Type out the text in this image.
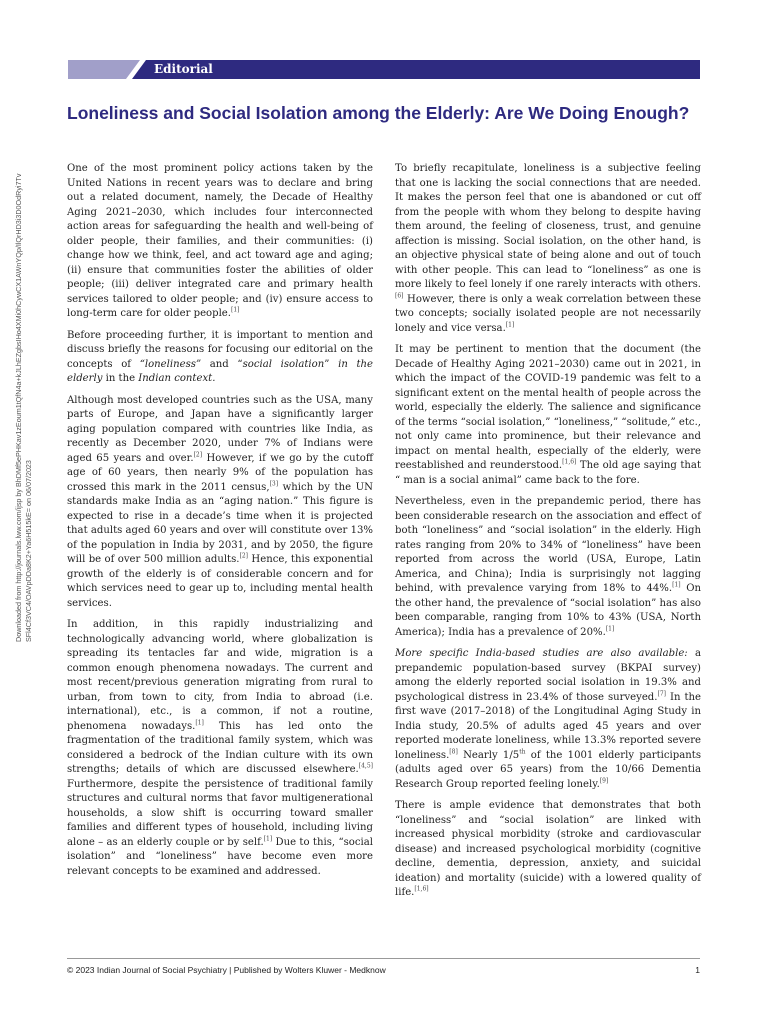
Editorial
Loneliness and Social Isolation among the Elderly: Are We Doing Enough?
Downloaded from http://journals.lww.com/ijsp by BhDMf5ePHKav1zEoum1tQfN4a+kJLhEZgbsIHo4XMi0hCywCX1AWnYQp/IlQrHD3i3D0OdRyi7TvSFl4Cf3VC4/OAVpDDa8K2+Ya6H515kE= on 06/07/2023

One of the most prominent policy actions taken by the United Nations in recent years was to declare and bring out a related document, namely, the Decade of Healthy Aging 2021–2030, which includes four interconnected action areas for safeguarding the health and well-being of older people, their families, and their communities: (i) change how we think, feel, and act toward age and aging; (ii) ensure that communities foster the abilities of older people; (iii) deliver integrated care and primary health services tailored to older people; and (iv) ensure access to long-term care for older people.[1]

Before proceeding further, it is important to mention and discuss briefly the reasons for focusing our editorial on the concepts of “loneliness” and “social isolation” in the elderly in the Indian context.

Although most developed countries such as the USA, many parts of Europe, and Japan have a significantly larger aging population compared with countries like India, as recently as December 2020, under 7% of Indians were aged 65 years and over.[2] However, if we go by the cutoff age of 60 years, then nearly 9% of the population has crossed this mark in the 2011 census,[3] which by the UN standards make India as an “aging nation.” This figure is expected to rise in a decade’s time when it is projected that adults aged 60 years and over will constitute over 13% of the population in India by 2031, and by 2050, the figure will be of over 500 million adults.[2] Hence, this exponential growth of the elderly is of considerable concern and for which services need to gear up to, including mental health services.

In addition, in this rapidly industrializing and technologically advancing world, where globalization is spreading its tentacles far and wide, migration is a common enough phenomena nowadays. The current and most recent/previous generation migrating from rural to urban, from town to city, from India to abroad (i.e. international), etc., is a common, if not a routine, phenomena nowadays.[1] This has led onto the fragmentation of the traditional family system, which was considered a bedrock of the Indian culture with its own strengths; details of which are discussed elsewhere.[4,5] Furthermore, despite the persistence of traditional family structures and cultural norms that favor multigenerational households, a slow shift is occurring toward smaller families and different types of household, including living alone – as an elderly couple or by self.[1] Due to this, “social isolation” and “loneliness” have become even more relevant concepts to be examined and addressed.

To briefly recapitulate, loneliness is a subjective feeling that one is lacking the social connections that are needed. It makes the person feel that one is abandoned or cut off from the people with whom they belong to despite having them around, the feeling of closeness, trust, and genuine affection is missing. Social isolation, on the other hand, is an objective physical state of being alone and out of touch with other people. This can lead to “loneliness” as one is more likely to feel lonely if one rarely interacts with others.[6] However, there is only a weak correlation between these two concepts; socially isolated people are not necessarily lonely and vice versa.[1]

It may be pertinent to mention that the document (the Decade of Healthy Aging 2021–2030) came out in 2021, in which the impact of the COVID-19 pandemic was felt to a significant extent on the mental health of people across the world, especially the elderly. The salience and significance of the terms “social isolation,” “loneliness,” “solitude,” etc., not only came into prominence, but their relevance and impact on mental health, especially of the elderly, were reestablished and reunderstood.[1,6] The old age saying that “ man is a social animal” came back to the fore.

Nevertheless, even in the prepandemic period, there has been considerable research on the association and effect of both “loneliness” and “social isolation” in the elderly. High rates ranging from 20% to 34% of “loneliness” have been reported from across the world (USA, Europe, Latin America, and China); India is surprisingly not lagging behind, with prevalence varying from 18% to 44%.[1] On the other hand, the prevalence of “social isolation” has also been comparable, ranging from 10% to 43% (USA, North America); India has a prevalence of 20%.[1]

More specific India-based studies are also available: a prepandemic population-based survey (BKPAI survey) among the elderly reported social isolation in 19.3% and psychological distress in 23.4% of those surveyed.[7] In the first wave (2017–2018) of the Longitudinal Aging Study in India study, 20.5% of adults aged 45 years and over reported moderate loneliness, while 13.3% reported severe loneliness.[8] Nearly 1/5th of the 1001 elderly participants (adults aged over 65 years) from the 10/66 Dementia Research Group reported feeling lonely.[9]

There is ample evidence that demonstrates that both “loneliness” and “social isolation” are linked with increased physical morbidity (stroke and cardiovascular disease) and increased psychological morbidity (cognitive decline, dementia, depression, anxiety, and suicidal ideation) and mortality (suicide) with a lowered quality of life.[1,6]

© 2023 Indian Journal of Social Psychiatry | Published by Wolters Kluwer - Medknow	1
